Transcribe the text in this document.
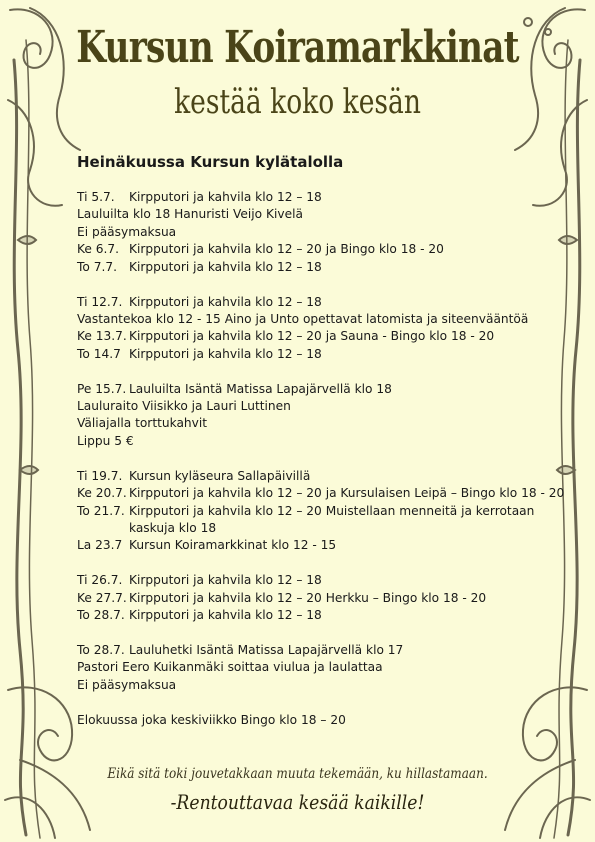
Kursun Koiramarkkinat
kestää koko kesän
Heinäkuussa Kursun kylätalolla
Ti 5.7.	Kirpputori ja kahvila klo 12 – 18
Lauluilta klo 18 Hanuristi Veijo Kivelä
Ei pääsymaksua
Ke 6.7. Kirpputori ja kahvila klo 12 – 20 ja Bingo klo 18 - 20
To 7.7. Kirpputori ja kahvila klo 12 – 18
Ti 12.7. Kirpputori ja kahvila klo 12 – 18
Vastantekoa klo 12 - 15 Aino ja Unto opettavat latomista ja siteenvääntöä
Ke 13.7. Kirpputori ja kahvila klo 12 – 20 ja Sauna - Bingo klo 18 - 20
To 14.7 Kirpputori ja kahvila klo 12 – 18
Pe 15.7. Lauluilta Isäntä Matissa Lapajärvellä klo 18
Lauluraito Viisikko ja Lauri Luttinen
Väliajalla torttukahvit
Lippu 5 €
Ti 19.7. Kursun kyläseura Sallapäivillä
Ke 20.7. Kirpputori ja kahvila klo 12 – 20 ja Kursulaisen Leipä – Bingo klo 18 - 20
To 21.7. Kirpputori ja kahvila klo 12 – 20 Muistellaan menneitä ja kerrotaan kaskuja klo 18
La 23.7 Kursun Koiramarkkinat klo 12 - 15
Ti 26.7. Kirpputori ja kahvila klo 12 – 18
Ke 27.7. Kirpputori ja kahvila klo 12 – 20 Herkku – Bingo klo 18 - 20
To 28.7. Kirpputori ja kahvila klo 12 – 18
To 28.7. Lauluhetki Isäntä Matissa Lapajärvellä klo 17
Pastori Eero Kuikanmäki soittaa viulua ja laulattaa
Ei pääsymaksua
Elokuussa joka keskiviikko Bingo klo 18 – 20
Eikä sitä toki jouvetakkaan muuta tekemään, ku hillastamaan.
-Rentouttavaa kesää kaikille!
